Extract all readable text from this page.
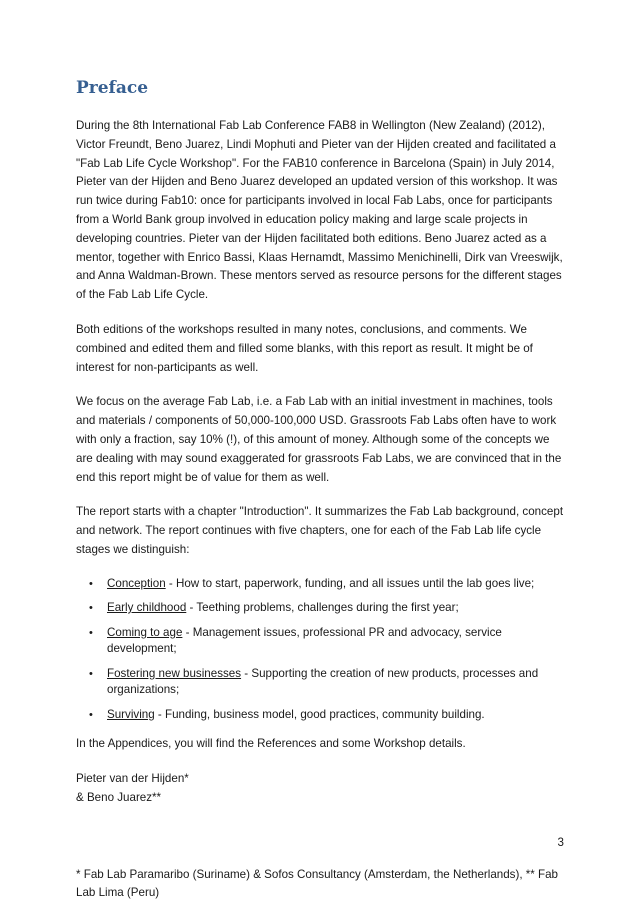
Preface

During the 8th International Fab Lab Conference FAB8 in Wellington (New Zealand) (2012), Victor Freundt, Beno Juarez, Lindi Mophuti and Pieter van der Hijden created and facilitated a "Fab Lab Life Cycle Workshop". For the FAB10 conference in Barcelona (Spain) in July 2014, Pieter van der Hijden and Beno Juarez developed an updated version of this workshop. It was run twice during Fab10: once for participants involved in local Fab Labs, once for participants from a World Bank group involved in education policy making and large scale projects in developing countries. Pieter van der Hijden facilitated both editions. Beno Juarez acted as a mentor, together with Enrico Bassi, Klaas Hernamdt, Massimo Menichinelli, Dirk van Vreeswijk, and Anna Waldman-Brown. These mentors served as resource persons for the different stages of the Fab Lab Life Cycle.

Both editions of the workshops resulted in many notes, conclusions, and comments. We combined and edited them and filled some blanks, with this report as result. It might be of interest for non-participants as well.

We focus on the average Fab Lab, i.e. a Fab Lab with an initial investment in machines, tools and materials / components of 50,000-100,000 USD. Grassroots Fab Labs often have to work with only a fraction, say 10% (!), of this amount of money. Although some of the concepts we are dealing with may sound exaggerated for grassroots Fab Labs, we are convinced that in the end this report might be of value for them as well.

The report starts with a chapter "Introduction". It summarizes the Fab Lab background, concept and network. The report continues with five chapters, one for each of the Fab Lab life cycle stages we distinguish:

• Conception - How to start, paperwork, funding, and all issues until the lab goes live;
• Early childhood - Teething problems, challenges during the first year;
• Coming to age - Management issues, professional PR and advocacy, service development;
• Fostering new businesses - Supporting the creation of new products, processes and organizations;
• Surviving - Funding, business model, good practices, community building.

In the Appendices, you will find the References and some Workshop details.

Pieter van der Hijden*
& Beno Juarez**

* Fab Lab Paramaribo (Suriname) & Sofos Consultancy (Amsterdam, the Netherlands), ** Fab Lab Lima (Peru)

3
